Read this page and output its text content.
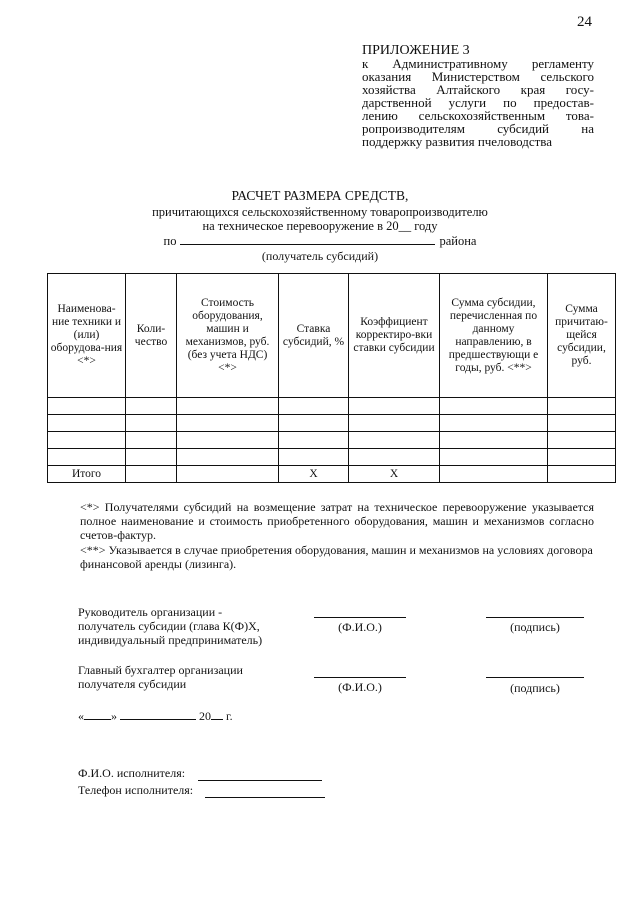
24
ПРИЛОЖЕНИЕ 3
к Административному регламенту
оказания Министерством сельского
хозяйства Алтайского края госу-
дарственной услуги по предостав-
лению сельскохозяйственным това-
ропроизводителям субсидий на
поддержку развития пчеловодства
РАСЧЕТ РАЗМЕРА СРЕДСТВ,
причитающихся сельскохозяйственному товаропроизводителю
на техническое перевооружение в 20__ году
по	района
(получатель субсидий)
Наименова-ние техники и (или) оборудова-ния <*>	Коли-чество	Стоимость оборудования, машин и механизмов, руб. (без учета НДС) <*>	Ставка субсидий, %	Коэффициент корректиро-вки ставки субсидии	Сумма субсидии, перечисленная по данному направлению, в предшествующи е годы, руб. <**>	Сумма причитаю-щейся субсидии, руб.

Итого			X	X		
<*> Получателями субсидий на возмещение затрат на техническое перевооружение указывается полное наименование и стоимость приобретенного оборудования, машин и механизмов согласно счетов-фактур.
<**> Указывается в случае приобретения оборудования, машин и механизмов на условиях договора финансовой аренды (лизинга).
Руководитель организации -
получатель субсидии (глава К(Ф)Х,
индивидуальный предприниматель)
(Ф.И.О.)	(подпись)
Главный бухгалтер организации
получателя субсидии	(Ф.И.О.)	(подпись)
« »	20 г.
Ф.И.О. исполнителя:
Телефон исполнителя:
